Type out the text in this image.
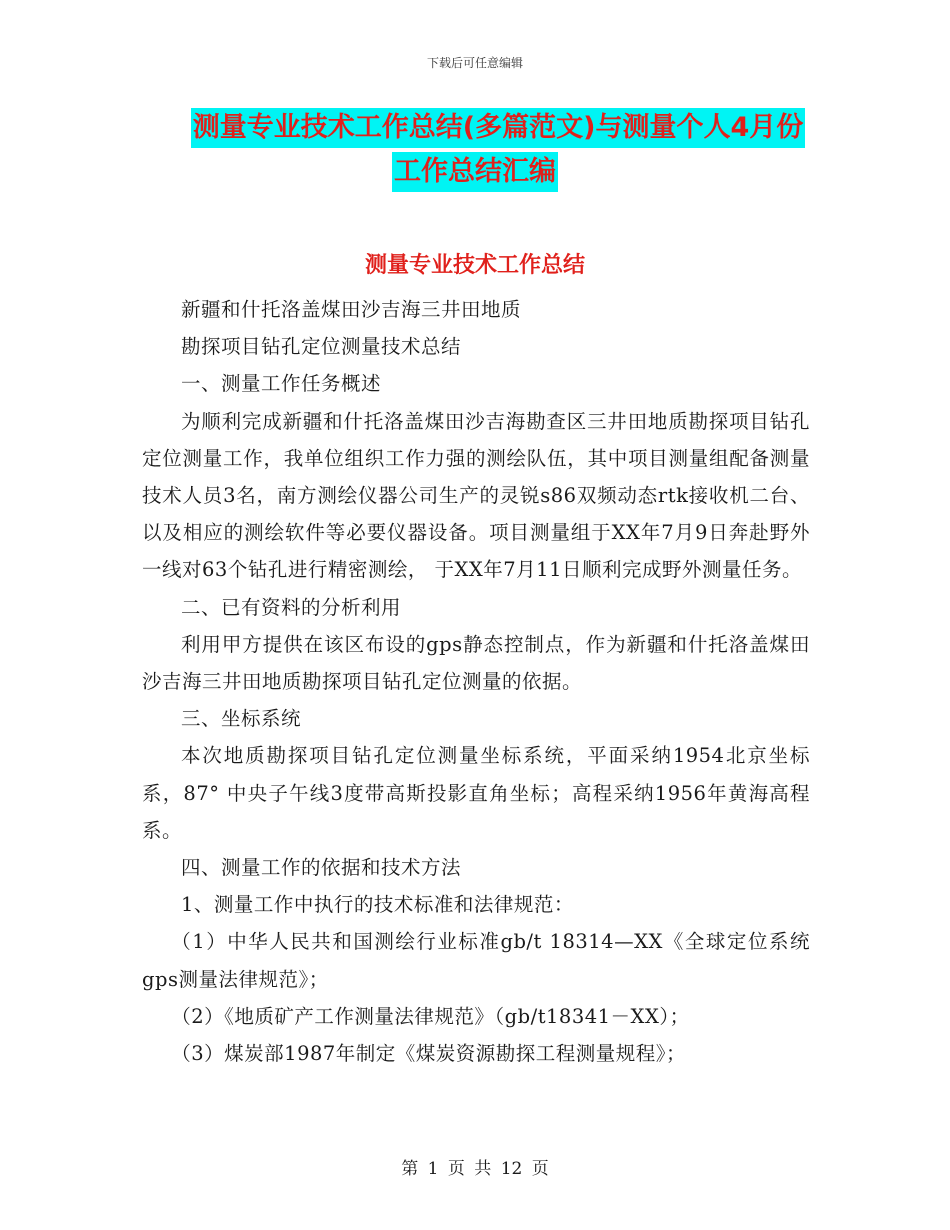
下载后可任意编辑
测量专业技术工作总结(多篇范文)与测量个人4月份
工作总结汇编
测量专业技术工作总结

新疆和什托洛盖煤田沙吉海三井田地质

勘探项目钻孔定位测量技术总结

一、测量工作任务概述

为顺利完成新疆和什托洛盖煤田沙吉海勘查区三井田地质勘探项目钻孔定位测量工作，我单位组织工作力强的测绘队伍，其中项目测量组配备测量技术人员3名，南方测绘仪器公司生产的灵锐s86双频动态rtk接收机二台、以及相应的测绘软件等必要仪器设备。项目测量组于XX年7月9日奔赴野外一线对63个钻孔进行精密测绘， 于XX年7月11日顺利完成野外测量任务。

二、已有资料的分析利用

利用甲方提供在该区布设的gps静态控制点，作为新疆和什托洛盖煤田沙吉海三井田地质勘探项目钻孔定位测量的依据。

三、坐标系统

本次地质勘探项目钻孔定位测量坐标系统，平面采纳1954北京坐标系，87° 中央子午线3度带高斯投影直角坐标；高程采纳1956年黄海高程系。

四、测量工作的依据和技术方法

1、测量工作中执行的技术标准和法律规范：

（1）中华人民共和国测绘行业标准gb/t 18314—XX《全球定位系统gps测量法律规范》；

（2）《地质矿产工作测量法律规范》（gb/t18341－XX）；

（3）煤炭部1987年制定《煤炭资源勘探工程测量规程》；

第 1 页 共 12 页
